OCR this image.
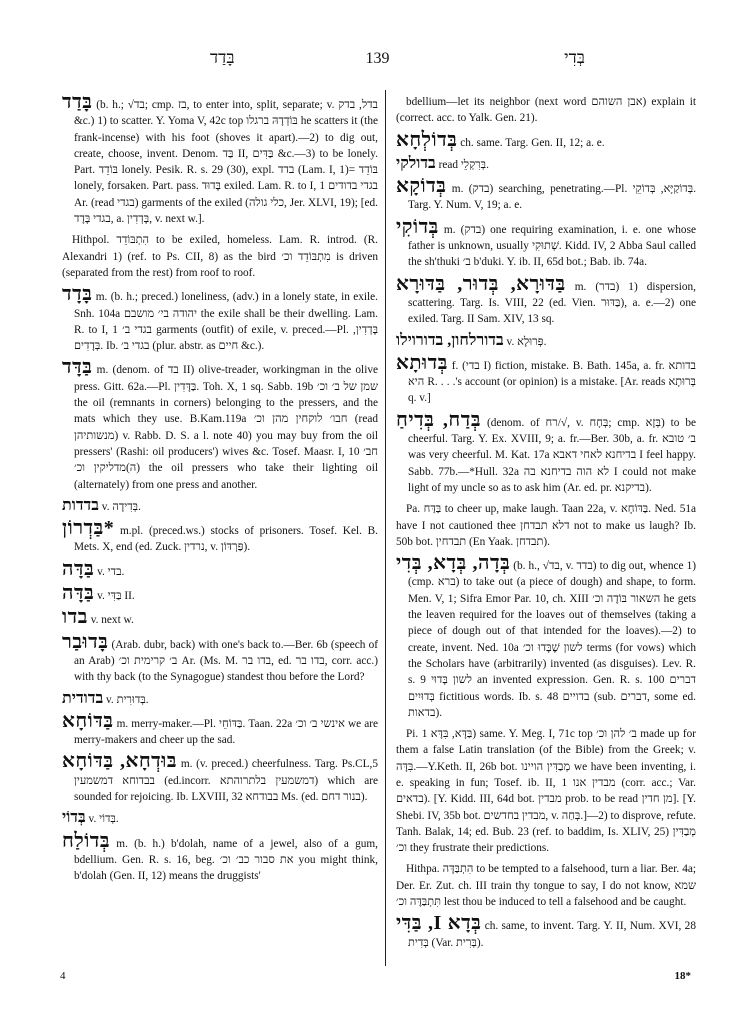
בָּדַד	139	בְּדִי

בָּדַד (b. h.; √בד; cmp. בז, to enter into, split, separate; v. בדל, בדק &c.) 1) to scatter. Y. Yoma V, 42c top בּוֹדְדָהּ ברגלו he scatters it (the frank-incense) with his foot (shoves it apart).—2) to dig out, create, choose, invent. Denom. בַּד II, בַּדִּים &c.—3) to be lonely. Part. בּוֹדֵד lonely. Pesik. R. s. 29 (30), expl. בדד (Lam. I, 1)= בּוֹדֵד lonely, forsaken. Part. pass. בָּדוּד exiled. Lam. R. to I, 1 בגדי בדודים Ar. (read בגדי) garments of the exiled (כלי גולה, Jer. XLVI, 19); [ed. בגדי בָּדָד, a. בָּדְדִין, v. next w.].

Hithpol. הִתְבּוֹדֵד to be exiled, homeless. Lam. R. introd. (R. Alexandri 1) (ref. to Ps. CII, 8) as the bird מִתְבּוֹדֵד וכ׳ is driven (separated from the rest) from roof to roof.

בָּדָד m. (b. h.; preced.) loneliness, (adv.) in a lonely state, in exile. Snh. 104a יהודה בי׳ מושבם the exile shall be their dwelling. Lam. R. to I, 1 בגדי ב׳ garments (outfit) of exile, v. preced.—Pl. בָּדְדִין, בְּדָדִים. Ib. בגדי ב׳ (plur. abstr. as חיים &c.).

בַּדָּד m. (denom. of בד II) olive-treader, workingman in the olive press. Gitt. 62a.—Pl. בַּדָּדִין. Toh. X, 1 sq. Sabb. 19b שמן של ב׳ וכ׳ the oil (remnants in corners) belonging to the pressers, and the mats which they use. B.Kam.119a חבו׳ לוקחין מהן וכ׳ (read מנשותיהן) v. Rabb. D. S. a l. note 40) you may buy from the oil pressers' (Rashi: oil producers') wives &c. Tosef. Maasr. I, 10 חב׳ (ה)מדליקין וכ׳ the oil pressers who take their lighting oil (alternately) from one press and another.

בדדות v. בְּדִידָה.

*בַּדְרוֹן m.pl. (preced.ws.) stocks of prisoners. Tosef. Kel. B. Mets. X, end (ed. Zuck. נרדין, v. פַּרְדּוֹן).

בַּדָּה v. בדי.

בַּדָּה v. בַּדִּי II.

בדו v. next w.

בָּדוּבַר (Arab. dubr, back) with one's back to.—Ber. 6b (speech of an Arab) ב׳ קרימית וכ׳ Ar. (Ms. M. בדו בר, ed. בדו בר, corr. acc.) with thy back (to the Synagogue) standest thou before the Lord?

בדודית v. בְּדוּרִית.

בַּדּוֹחָא m. merry-maker.—Pl. בַּדּוֹחֵי. Taan. 22a אינשי ב׳ וכ׳ we are merry-makers and cheer up the sad.

בּוּדְחָא, בַּדּוֹחָא m. (v. preced.) cheerfulness. Targ. Ps.CL,5 בבדוחא דמשמעין (ed.incorr. דמשמעין בלתרוהתא) which are sounded for rejoicing. Ib. LXVIII, 32 בבודחא Ms. (ed. בנור דחם).

בְּדוֹי v. בְּדוֹי.

בְּדוֹלַח m. (b. h.) b'dolah, name of a jewel, also of a gum, bdellium. Gen. R. s. 16, beg. את סבור כב׳ וכ׳ you might think, b'dolah (Gen. II, 12) means the druggists'

bdellium—let its neighbor (next word אבן השוהם) explain it (correct. acc. to Yalk. Gen. 21).

בְּדוֹלְחָא ch. same. Targ. Gen. II, 12; a. e.

בדולקי read בְּרִקְלֵי.

בְּדוֹקָא m. (בדק) searching, penetrating.—Pl. בְּדוֹקַיָּא, בְּדוֹקֵי. Targ. Y. Num. V, 19; a. e.

בְּדוֹקִי m. (בדק) one requiring examination, i. e. one whose father is unknown, usually שְׁתוּקִי. Kidd. IV, 2 Abba Saul called the sh'thuki ב׳ b'duki. Y. ib. II, 65d bot.; Bab. ib. 74a.

בַּדּוּרָא, בְּדוּר, בַּדּוּרָא m. (בדר) 1) dispersion, scattering. Targ. Is. VIII, 22 (ed. Vien. בַּדּוּר), a. e.—2) one exiled. Targ. II Sam. XIV, 13 sq.

בדורלחון, בדורוילו v. פְּרוּלָא.

בְּדוּתָא f. (בדי I) fiction, mistake. B. Bath. 145a, a. fr. בדותא היא R. . . .'s account (or opinion) is a mistake. [Ar. reads בְּרוּתָא q. v.]

בְּדַח, בְּדִיחַ (denom. of רח/√, v. בְּחָח; cmp. בְּזָא) to be cheerful. Targ. Y. Ex. XVIII, 9; a. fr.—Ber. 30b, a. fr. ב׳ טובא was very cheerful. M. Kat. 17a בדיחנא לאחי דאבא I feel happy. Sabb. 77b.—*Hull. 32a לא הוה בדיחנא בה I could not make light of my uncle so as to ask him (Ar. ed. pr. בדיקנא).

Pa. בַּדַּח to cheer up, make laugh. Taan 22a, v. בַּדּוֹחָא. Ned. 51a have I not cautioned thee דלא תבדחן not to make us laugh? Ib. 50b bot. תבדחין (En Yaak. תבדחן).

בְּדָה, בְּדָא, בְּדִי (b. h., √בד, v. בדד) to dig out, whence 1) (cmp. ברא) to take out (a piece of dough) and shape, to form. Men. V, 1; Sifra Emor Par. 10, ch. XIII השאור בּוֹדֶה וכ׳ he gets the leaven required for the loaves out of themselves (taking a piece of dough out of that intended for the loaves).—2) to create, invent. Ned. 10a לשון שֶׁבָּדוּ וכ׳ terms (for vows) which the Scholars have (arbitrarily) invented (as disguises). Lev. R. s. 9 לשון בָּדוּי an invented expression. Gen. R. s. 100 דברים בְּדוּיִים fictitious words. Ib. s. 48 בדויים (sub. דברים, some ed. בדאות).

Pi. בַּדָּא, בִּדָּא 1) same. Y. Meg. I, 71c top ב׳ להן וכ׳ made up for them a false Latin translation (of the Bible) from the Greek; v. בִּדָּה.—Y.Keth. II, 26b bot. מְבַדִּין הויינו we have been inventing, i. e. speaking in fun; Tosef. ib. II, 1 מבדין אנו (corr. acc.; Var. בדאים). [Y. Kidd. III, 64d bot. מבדין prob. to be read מן חדין]. [Y. Shebi. IV, 35b bot. מבדין בחדשים, v. בְּחַה.]—2) to disprove, refute. Tanh. Balak, 14; ed. Bub. 23 (ref. to baddim, Is. XLIV, 25) מְבַדִּין וכ׳ they frustrate their predictions.

Hithpa. הִתְבַּדָּה to be tempted to a falsehood, turn a liar. Ber. 4a; Der. Er. Zut. ch. III train thy tongue to say, I do not know, שמא תִּתְבַּדֶּה וכ׳ lest thou be induced to tell a falsehood and be caught.

בְּדָא I, בַּדִּי ch. same, to invent. Targ. Y. II, Num. XVI, 28 בְּדִית (Var. בְּרִית).

4	18*
